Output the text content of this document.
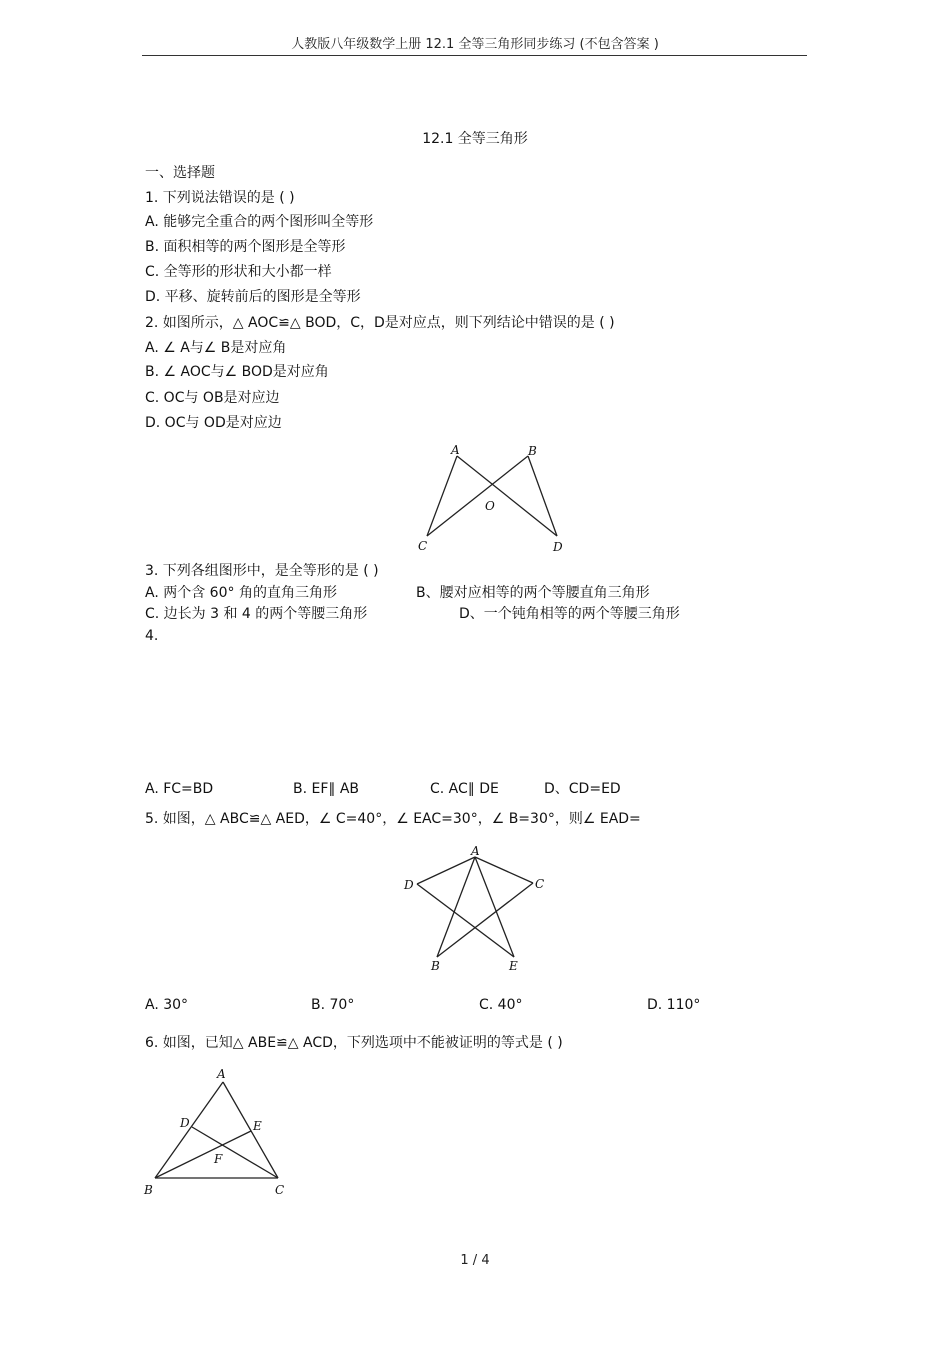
人教版八年级数学上册 12.1 全等三角形同步练习 (不包含答案 )
12.1 全等三角形
一、选择题
1. 下列说法错误的是 ( )
A. 能够完全重合的两个图形叫全等形
B. 面积相等的两个图形是全等形
C. 全等形的形状和大小都一样
D. 平移、旋转前后的图形是全等形
2. 如图所示，△ AOC≌△ BOD，C，D是对应点，则下列结论中错误的是 ( )
A. ∠ A与∠ B是对应角
B. ∠ AOC与∠ BOD是对应角
C. OC与 OB是对应边
D. OC与 OD是对应边
A	B
O
C	D
3. 下列各组图形中，是全等形的是 ( )
A. 两个含 60° 角的直角三角形	B、腰对应相等的两个等腰直角三角形
C. 边长为 3 和 4 的两个等腰三角形	D、一个钝角相等的两个等腰三角形
4.
A. FC=BD	B. EF∥ AB	C. AC∥ DE	D、CD=ED
5. 如图，△ ABC≌△ AED，∠ C=40°，∠ EAC=30°，∠ B=30°，则∠ EAD=
A
D	C
B	E
A. 30°	B. 70°	C. 40°	D. 110°
6. 如图，已知△ ABE≌△ ACD，下列选项中不能被证明的等式是 ( )
A
D	E
F
B	C
1 / 4
